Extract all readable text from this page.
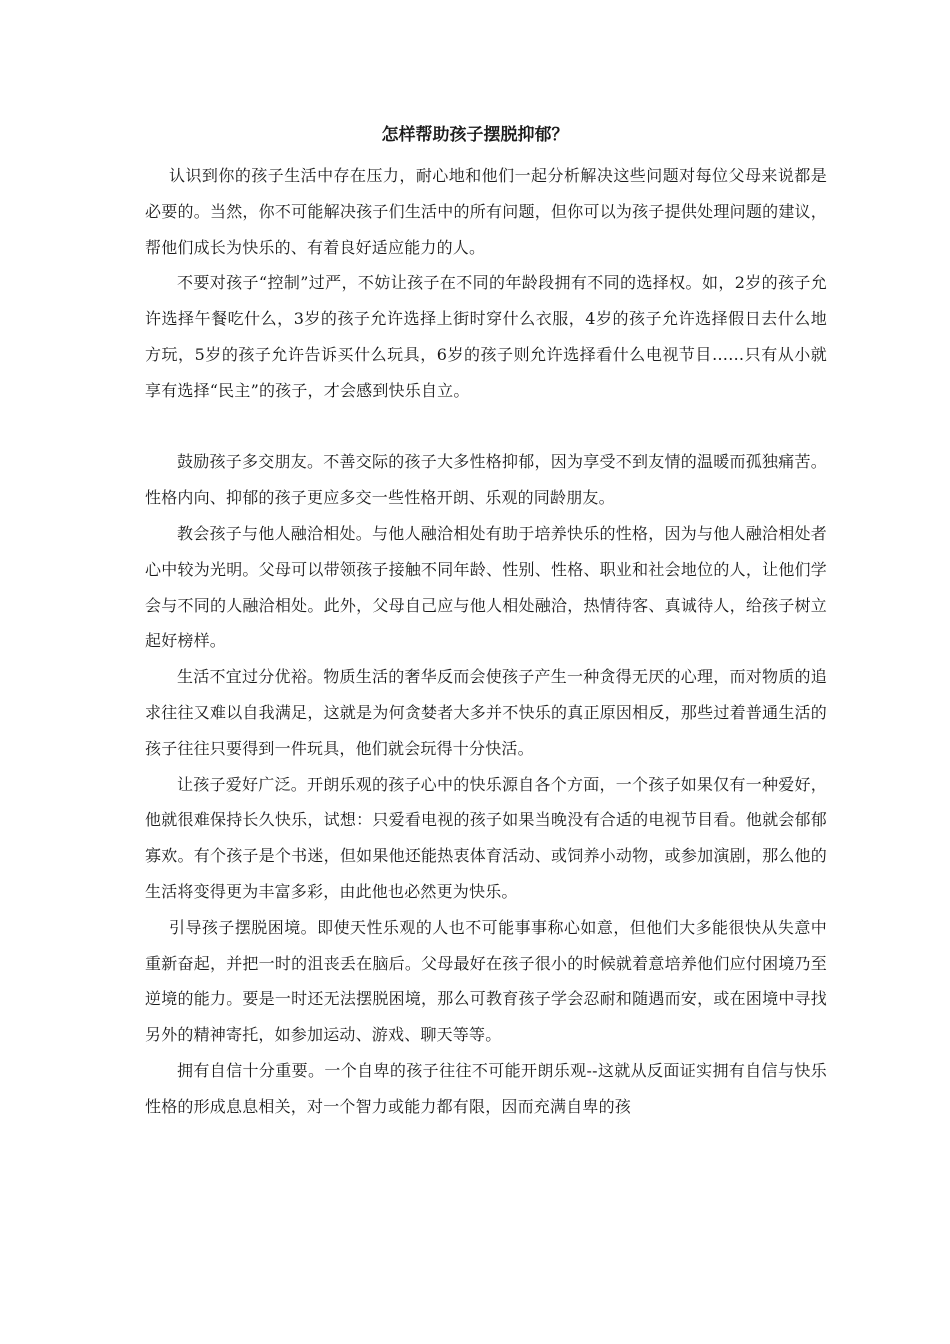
怎样帮助孩子摆脱抑郁？

认识到你的孩子生活中存在压力，耐心地和他们一起分析解决这些问题对每位父母来说都是必要的。当然，你不可能解决孩子们生活中的所有问题，但你可以为孩子提供处理问题的建议，帮他们成长为快乐的、有着良好适应能力的人。

不要对孩子“控制”过严，不妨让孩子在不同的年龄段拥有不同的选择权。如，2岁的孩子允许选择午餐吃什么，3岁的孩子允许选择上街时穿什么衣服，4岁的孩子允许选择假日去什么地方玩，5岁的孩子允许告诉买什么玩具，6岁的孩子则允许选择看什么电视节目……只有从小就享有选择“民主”的孩子，才会感到快乐自立。

鼓励孩子多交朋友。不善交际的孩子大多性格抑郁，因为享受不到友情的温暖而孤独痛苦。性格内向、抑郁的孩子更应多交一些性格开朗、乐观的同龄朋友。

教会孩子与他人融洽相处。与他人融洽相处有助于培养快乐的性格，因为与他人融洽相处者心中较为光明。父母可以带领孩子接触不同年龄、性别、性格、职业和社会地位的人，让他们学会与不同的人融洽相处。此外，父母自己应与他人相处融洽，热情待客、真诚待人，给孩子树立起好榜样。

生活不宜过分优裕。物质生活的奢华反而会使孩子产生一种贪得无厌的心理，而对物质的追求往往又难以自我满足，这就是为何贪婪者大多并不快乐的真正原因相反，那些过着普通生活的孩子往往只要得到一件玩具，他们就会玩得十分快活。

让孩子爱好广泛。开朗乐观的孩子心中的快乐源自各个方面，一个孩子如果仅有一种爱好，他就很难保持长久快乐，试想：只爱看电视的孩子如果当晚没有合适的电视节目看。他就会郁郁寡欢。有个孩子是个书迷，但如果他还能热衷体育活动、或饲养小动物，或参加演剧，那么他的生活将变得更为丰富多彩，由此他也必然更为快乐。

引导孩子摆脱困境。即使天性乐观的人也不可能事事称心如意，但他们大多能很快从失意中重新奋起，并把一时的沮丧丢在脑后。父母最好在孩子很小的时候就着意培养他们应付困境乃至逆境的能力。要是一时还无法摆脱困境，那么可教育孩子学会忍耐和随遇而安，或在困境中寻找另外的精神寄托，如参加运动、游戏、聊天等等。

拥有自信十分重要。一个自卑的孩子往往不可能开朗乐观--这就从反面证实拥有自信与快乐性格的形成息息相关，对一个智力或能力都有限，因而充满自卑的孩
